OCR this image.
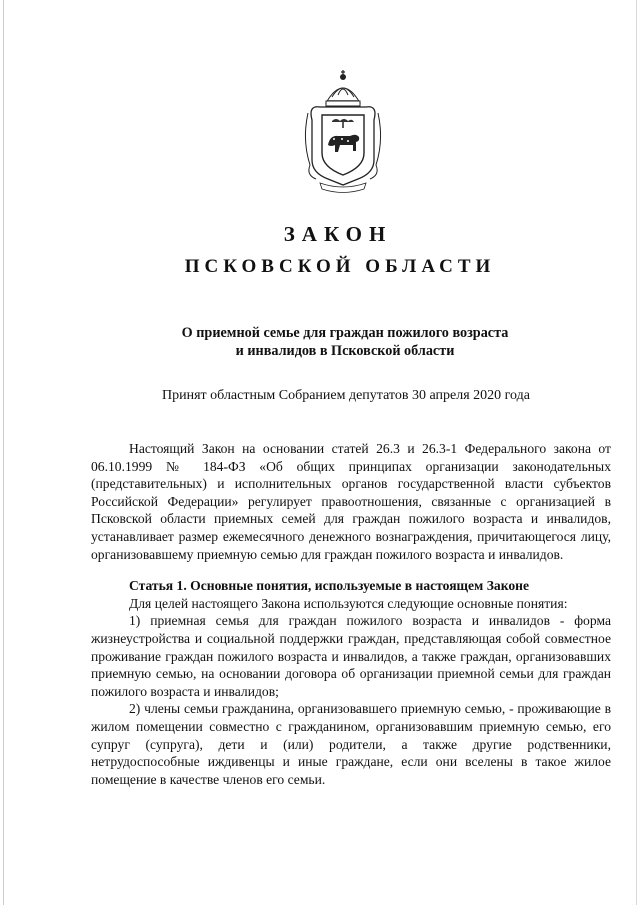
ЗАКОН
ПСКОВСКОЙ ОБЛАСТИ
О приемной семье для граждан пожилого возраста
и инвалидов в Псковской области
Принят областным Собранием депутатов 30 апреля 2020 года

Настоящий Закон на основании статей 26.3 и 26.3-1 Федерального закона от 06.10.1999 № 184-ФЗ «Об общих принципах организации законодательных (представительных) и исполнительных органов государственной власти субъектов Российской Федерации» регулирует правоотношения, связанные с организацией в Псковской области приемных семей для граждан пожилого возраста и инвалидов, устанавливает размер ежемесячного денежного вознаграждения, причитающегося лицу, организовавшему приемную семью для граждан пожилого возраста и инвалидов.

Статья 1. Основные понятия, используемые в настоящем Законе

Для целей настоящего Закона используются следующие основные понятия:

1) приемная семья для граждан пожилого возраста и инвалидов - форма жизнеустройства и социальной поддержки граждан, представляющая собой совместное проживание граждан пожилого возраста и инвалидов, а также граждан, организовавших приемную семью, на основании договора об организации приемной семьи для граждан пожилого возраста и инвалидов;

2) члены семьи гражданина, организовавшего приемную семью, - проживающие в жилом помещении совместно с гражданином, организовавшим приемную семью, его супруг (супруга), дети и (или) родители, а также другие родственники, нетрудоспособные иждивенцы и иные граждане, если они вселены в такое жилое помещение в качестве членов его семьи.
